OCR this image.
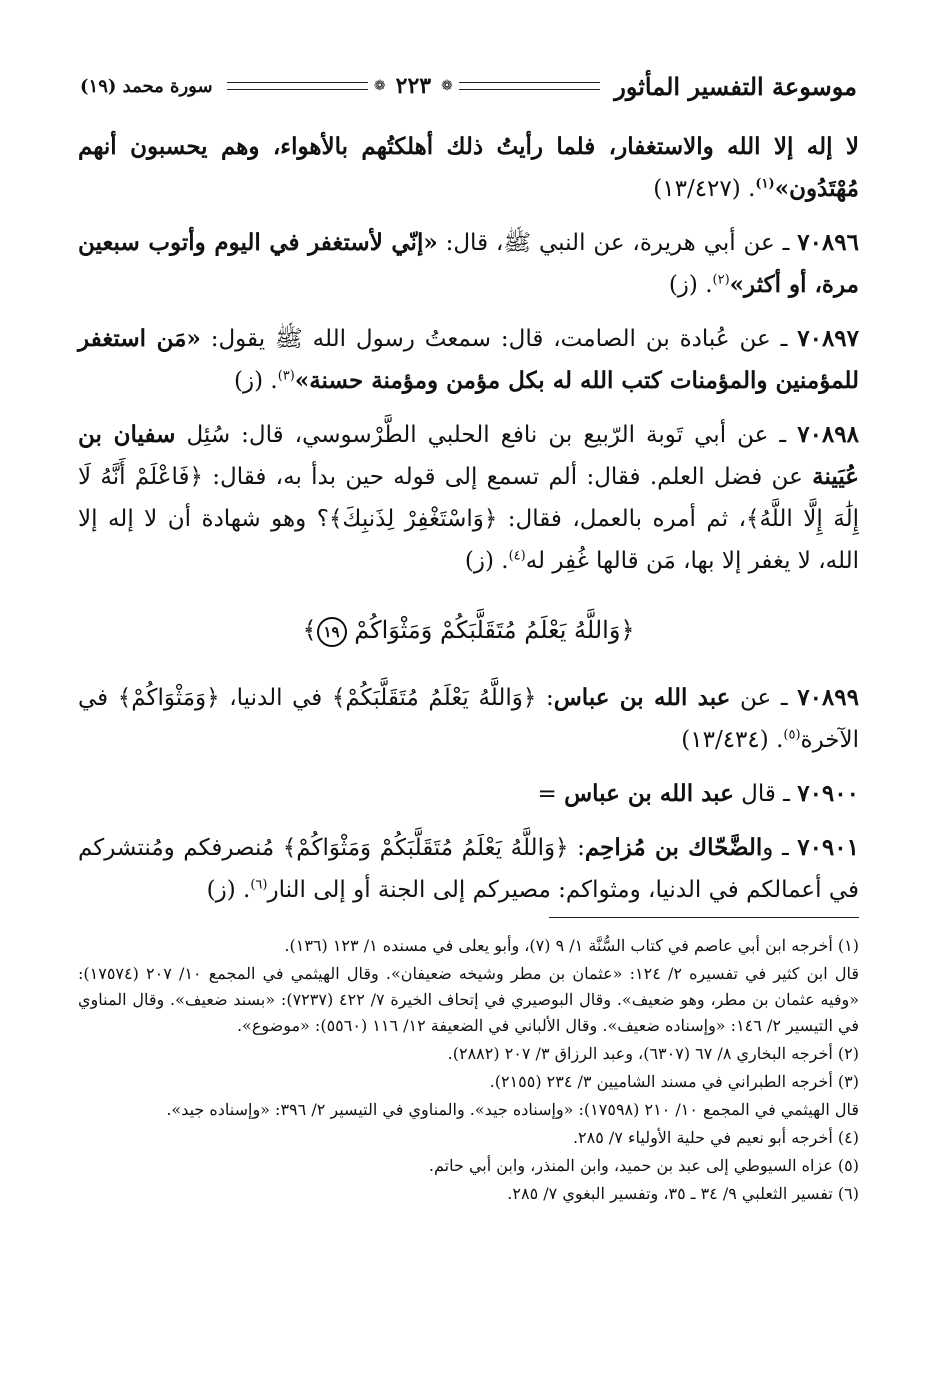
موسوعة التفسير المأثور
❁
٢٢٣
❁
سورة محمد (١٩)

لا إله إلا الله والاستغفار، فلما رأيتُ ذلك أهلكتُهم بالأهواء، وهم يحسبون أنهم مُهْتَدُون»$^{(١)}$. (١٣/٤٢٧)

٧٠٨٩٦ ـ عن أبي هريرة، عن النبي ﷺ، قال: «إنّي لأستغفر في اليوم وأتوب سبعين مرة، أو أكثر»$^{(٢)}$. (ز)

٧٠٨٩٧ ـ عن عُبادة بن الصامت، قال: سمعتُ رسول الله ﷺ يقول: «مَن استغفر للمؤمنين والمؤمنات كتب الله له بكل مؤمن ومؤمنة حسنة»$^{(٣)}$. (ز)

٧٠٨٩٨ ـ عن أبي تَوبة الرّبيع بن نافع الحلبي الطَّرْسوسي، قال: سُئِل سفيان بن عُيَينة عن فضل العلم. فقال: ألم تسمع إلى قوله حين بدأ به، فقال: ﴿فَاعْلَمْ أَنَّهُ لَا إِلَٰهَ إِلَّا اللَّهُ﴾، ثم أمره بالعمل، فقال: ﴿وَاسْتَغْفِرْ لِذَنبِكَ﴾؟ وهو شهادة أن لا إله إلا الله، لا يغفر إلا بها، مَن قالها غُفِر له$^{(٤)}$. (ز)

﴿وَاللَّهُ يَعْلَمُ مُتَقَلَّبَكُمْ وَمَثْوَاكُمْ ١٩﴾

٧٠٨٩٩ ـ عن عبد الله بن عباس: ﴿وَاللَّهُ يَعْلَمُ مُتَقَلَّبَكُمْ﴾ في الدنيا، ﴿وَمَثْوَاكُمْ﴾ في الآخرة$^{(٥)}$. (١٣/٤٣٤)

٧٠٩٠٠ ـ قال عبد الله بن عباس =

٧٠٩٠١ ـ والضَّحّاك بن مُزاحِم: ﴿وَاللَّهُ يَعْلَمُ مُتَقَلَّبَكُمْ وَمَثْوَاكُمْ﴾ مُنصرفكم ومُنتشركم في أعمالكم في الدنيا، ومثواكم: مصيركم إلى الجنة أو إلى النار$^{(٦)}$. (ز)

(١) أخرجه ابن أبي عاصم في كتاب السُّنَّة ١/ ٩ (٧)، وأبو يعلى في مسنده ١/ ١٢٣ (١٣٦).

قال ابن كثير في تفسيره ٢/ ١٢٤: «عثمان بن مطر وشيخه ضعيفان». وقال الهيثمي في المجمع ١٠/ ٢٠٧ (١٧٥٧٤): «وفيه عثمان بن مطر، وهو ضعيف». وقال البوصيري في إتحاف الخيرة ٧/ ٤٢٢ (٧٢٣٧): «بسند ضعيف». وقال المناوي في التيسير ٢/ ١٤٦: «وإسناده ضعيف». وقال الألباني في الضعيفة ١٢/ ١١٦ (٥٥٦٠): «موضوع».

(٢) أخرجه البخاري ٨/ ٦٧ (٦٣٠٧)، وعبد الرزاق ٣/ ٢٠٧ (٢٨٨٢).

(٣) أخرجه الطبراني في مسند الشاميين ٣/ ٢٣٤ (٢١٥٥).

قال الهيثمي في المجمع ١٠/ ٢١٠ (١٧٥٩٨): «وإسناده جيد». والمناوي في التيسير ٢/ ٣٩٦: «وإسناده جيد».

(٤) أخرجه أبو نعيم في حلية الأولياء ٧/ ٢٨٥.

(٥) عزاه السيوطي إلى عبد بن حميد، وابن المنذر، وابن أبي حاتم.

(٦) تفسير الثعلبي ٩/ ٣٤ ـ ٣٥، وتفسير البغوي ٧/ ٢٨٥.
